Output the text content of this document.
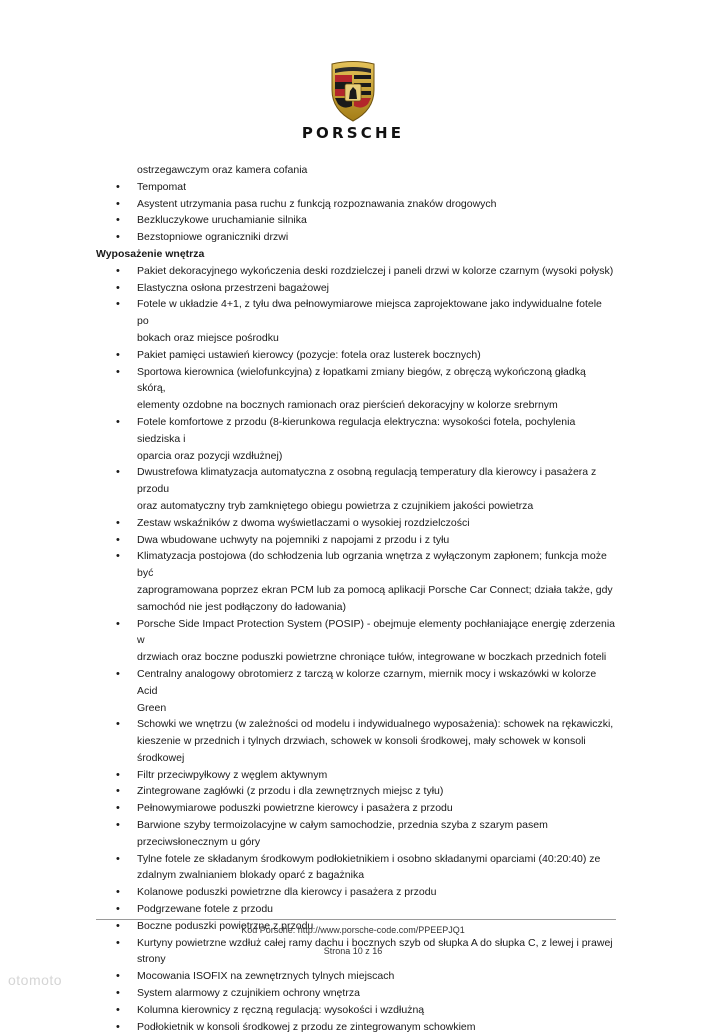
PORSCHE
ostrzegawczym oraz kamera cofania
• Tempomat
• Asystent utrzymania pasa ruchu z funkcją rozpoznawania znaków drogowych
• Bezkluczykowe uruchamianie silnika
• Bezstopniowe ograniczniki drzwi
Wyposażenie wnętrza
• Pakiet dekoracyjnego wykończenia deski rozdzielczej i paneli drzwi w kolorze czarnym (wysoki połysk)
• Elastyczna osłona przestrzeni bagażowej
• Fotele w układzie 4+1, z tyłu dwa pełnowymiarowe miejsca zaprojektowane jako indywidualne fotele po
bokach oraz miejsce pośrodku
• Pakiet pamięci ustawień kierowcy (pozycje: fotela oraz lusterek bocznych)
• Sportowa kierownica (wielofunkcyjna) z łopatkami zmiany biegów, z obręczą wykończoną gładką skórą,
elementy ozdobne na bocznych ramionach oraz pierścień dekoracyjny w kolorze srebrnym
• Fotele komfortowe z przodu (8-kierunkowa regulacja elektryczna: wysokości fotela, pochylenia siedziska i
oparcia oraz pozycji wzdłużnej)
• Dwustrefowa klimatyzacja automatyczna z osobną regulacją temperatury dla kierowcy i pasażera z przodu
oraz automatyczny tryb zamkniętego obiegu powietrza z czujnikiem jakości powietrza
• Zestaw wskaźników z dwoma wyświetlaczami o wysokiej rozdzielczości
• Dwa wbudowane uchwyty na pojemniki z napojami z przodu i z tyłu
• Klimatyzacja postojowa (do schłodzenia lub ogrzania wnętrza z wyłączonym zapłonem; funkcja może być
zaprogramowana poprzez ekran PCM lub za pomocą aplikacji Porsche Car Connect; działa także, gdy
samochód nie jest podłączony do ładowania)
• Porsche Side Impact Protection System (POSIP) - obejmuje elementy pochłaniające energię zderzenia w
drzwiach oraz boczne poduszki powietrzne chroniące tułów, integrowane w boczkach przednich foteli
• Centralny analogowy obrotomierz z tarczą w kolorze czarnym, miernik mocy i wskazówki w kolorze Acid
Green
• Schowki we wnętrzu (w zależności od modelu i indywidualnego wyposażenia): schowek na rękawiczki,
kieszenie w przednich i tylnych drzwiach, schowek w konsoli środkowej, mały schowek w konsoli
środkowej
• Filtr przeciwpyłkowy z węglem aktywnym
• Zintegrowane zagłówki (z przodu i dla zewnętrznych miejsc z tyłu)
• Pełnowymiarowe poduszki powietrzne kierowcy i pasażera z przodu
• Barwione szyby termoizolacyjne w całym samochodzie, przednia szyba z szarym pasem
przeciwsłonecznym u góry
• Tylne fotele ze składanym środkowym podłokietnikiem i osobno składanymi oparciami (40:20:40) ze
zdalnym zwalnianiem blokady oparć z bagażnika
• Kolanowe poduszki powietrzne dla kierowcy i pasażera z przodu
• Podgrzewane fotele z przodu
• Boczne poduszki powietrzne z przodu
• Kurtyny powietrzne wzdłuż całej ramy dachu i bocznych szyb od słupka A do słupka C, z lewej i prawej
strony
• Mocowania ISOFIX na zewnętrznych tylnych miejscach
• System alarmowy z czujnikiem ochrony wnętrza
• Kolumna kierownicy z ręczną regulacją: wysokości i wzdłużną
• Podłokietnik w konsoli środkowej z przodu ze zintegrowanym schowkiem
Kod Porsche: http://www.porsche-code.com/PPEEPJQ1
Strona 10 z 16
otomoto
